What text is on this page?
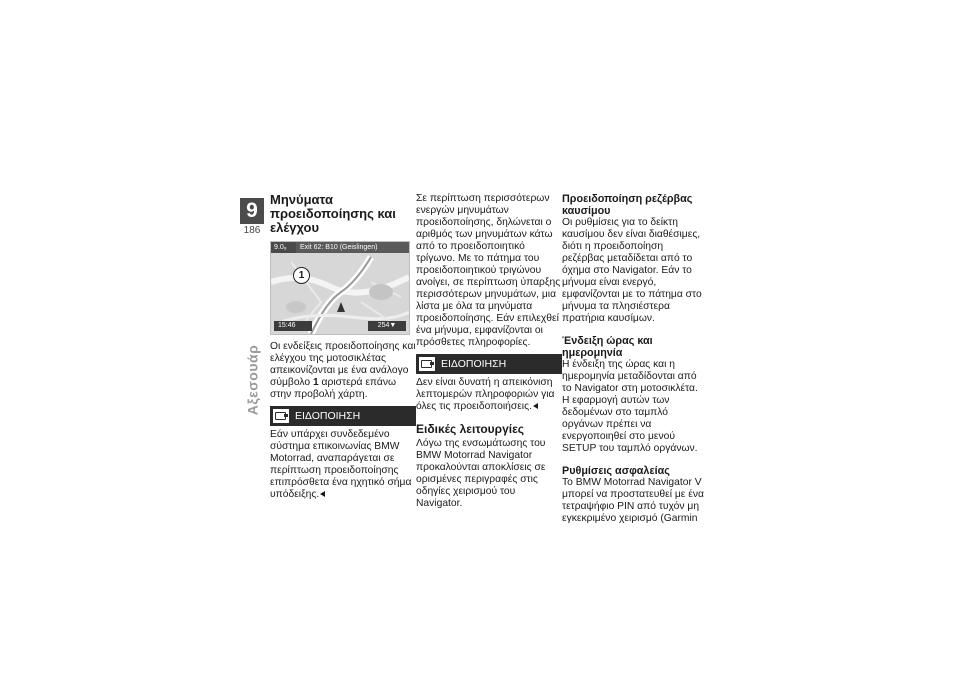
9
186
Αξεσουάρ
Μηνύματα προειδοποίησης και ελέγχου
9.0₈	Exit 62: B10 (Geislingen)
1
15:46	254▼

Οι ενδείξεις προειδοποίησης και ελέγχου της μοτοσικλέτας απεικονίζονται με ένα ανάλογο σύμβολο 1 αριστερά επάνω στην προβολή χάρτη.

ΕΙΔΟΠΟΙΗΣΗ

Εάν υπάρχει συνδεδεμένο σύστημα επικοινωνίας BMW Motorrad, αναπαράγεται σε περίπτωση προειδοποίησης επιπρόσθετα ένα ηχητικό σήμα υπόδειξης.

Σε περίπτωση περισσότερων ενεργών μηνυμάτων προειδοποίησης, δηλώνεται ο αριθμός των μηνυμάτων κάτω από το προειδοποιητικό τρίγωνο. Με το πάτημα του προειδοποιητικού τριγώνου ανοίγει, σε περίπτωση ύπαρξης περισσότερων μηνυμάτων, μια λίστα με όλα τα μηνύματα προειδοποίησης. Εάν επιλεχθεί ένα μήνυμα, εμφανίζονται οι πρόσθετες πληροφορίες.

ΕΙΔΟΠΟΙΗΣΗ

Δεν είναι δυνατή η απεικόνιση λεπτομερών πληροφοριών για όλες τις προειδοποιήσεις.

Ειδικές λειτουργίες

Λόγω της ενσωμάτωσης του BMW Motorrad Navigator προκαλούνται αποκλίσεις σε ορισμένες περιγραφές στις οδηγίες χειρισμού του Navigator.

Προειδοποίηση ρεζέρβας καυσίμου

Οι ρυθμίσεις για το δείκτη καυσίμου δεν είναι διαθέσιμες, διότι η προειδοποίηση ρεζέρβας μεταδίδεται από το όχημα στο Navigator. Εάν το μήνυμα είναι ενεργό, εμφανίζονται με το πάτημα στο μήνυμα τα πλησιέστερα πρατήρια καυσίμων.

Ένδειξη ώρας και ημερομηνία

Η ένδειξη της ώρας και η ημερομηνία μεταδίδονται από το Navigator στη μοτοσικλέτα. Η εφαρμογή αυτών των δεδομένων στο ταμπλό οργάνων πρέπει να ενεργοποιηθεί στο μενού SETUP του ταμπλό οργάνων.

Ρυθμίσεις ασφαλείας

Το BMW Motorrad Navigator V μπορεί να προστατευθεί με ένα τετραψήφιο PIN από τυχόν μη εγκεκριμένο χειρισμό (Garmin
